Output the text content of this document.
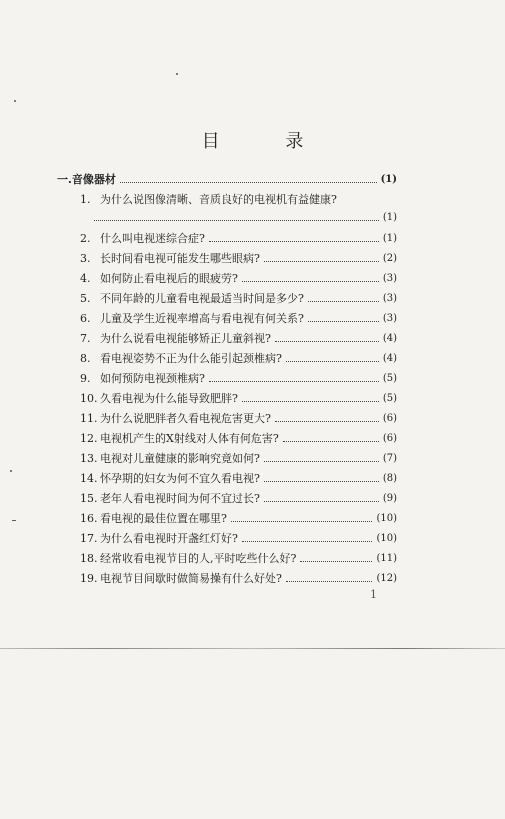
目 录
一.音像器材	(1)
1. 为什么说图像清晰、音质良好的电视机有益健康?
(1)
2. 什么叫电视迷综合症?	(1)
3. 长时间看电视可能发生哪些眼病?	(2)
4. 如何防止看电视后的眼疲劳?	(3)
5. 不同年龄的儿童看电视最适当时间是多少?	(3)
6. 儿童及学生近视率增高与看电视有何关系?	(3)
7. 为什么说看电视能够矫正儿童斜视?	(4)
8. 看电视姿势不正为什么能引起颈椎病?	(4)
9. 如何预防电视颈椎病?	(5)
10. 久看电视为什么能导致肥胖?	(5)
11. 为什么说肥胖者久看电视危害更大?	(6)
12. 电视机产生的X射线对人体有何危害?	(6)
13. 电视对儿童健康的影响究竟如何?	(7)
14. 怀孕期的妇女为何不宜久看电视?	(8)
15. 老年人看电视时间为何不宜过长?	(9)
16. 看电视的最佳位置在哪里?	(10)
17. 为什么看电视时开盏红灯好?	(10)
18. 经常收看电视节目的人,平时吃些什么好?	(11)
19. 电视节目间歇时做简易操有什么好处?	(12)
1
